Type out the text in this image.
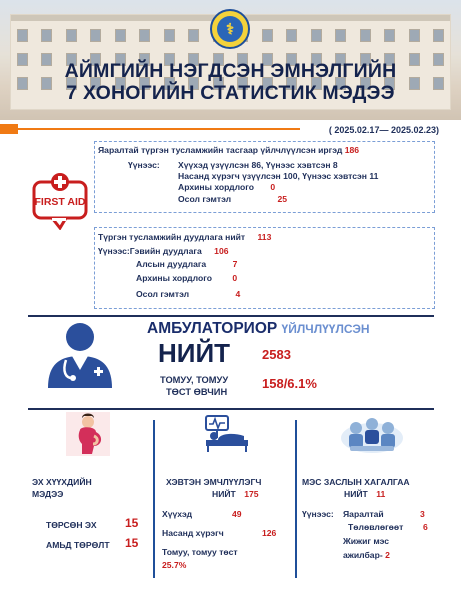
⚕
АЙМГИЙН НЭГДСЭН ЭМНЭЛГИЙН
7 ХОНОГИЙН СТАТИСТИК МЭДЭЭ
( 2025.02.17— 2025.02.23)
FIRST AID
Яаралтай түргэн тусламжийн тасгаар үйлчлүүлсэн иргэд 186
Үүнээс: Хүүхэд үзүүлсэн 86, Үүнээс хэвтсэн 8
Насанд хүрэгч үзүүлсэн 100, Үүнээс хэвтсэн 11
Архины хордлого 0
Осол гэмтэл	25
Түргэн тусламжийн дуудлага нийт 113
Үүнээс:Гэвийн дуудлага 106
Алсын дуудлага	7
Архины хордлого 0
Осол гэмтэл	4
АМБУЛАТОРИОР ҮЙЛЧЛҮҮЛСЭН
НИЙТ 2583
ТОМУУ, ТОМУУ
ТӨСТ ӨВЧИН
158/6.1%
ЭХ ХҮҮХДИЙН
МЭДЭЭ
ТӨРСӨН ЭХ 15
АМЬД ТӨРӨЛТ 15
ХЭВТЭН ЭМЧЛҮҮЛЭГЧ
НИЙТ 175
Хүүхэд	49
Насанд хүрэгч	126
Томуу, томуу төст
25.7%
МЭС ЗАСЛЫН ХАГАЛГАА
НИЙТ 11
Үүнээс: Яаралтай	3
Төлөвлөгөөт 6
Жижиг мэс
ажилбар- 2
